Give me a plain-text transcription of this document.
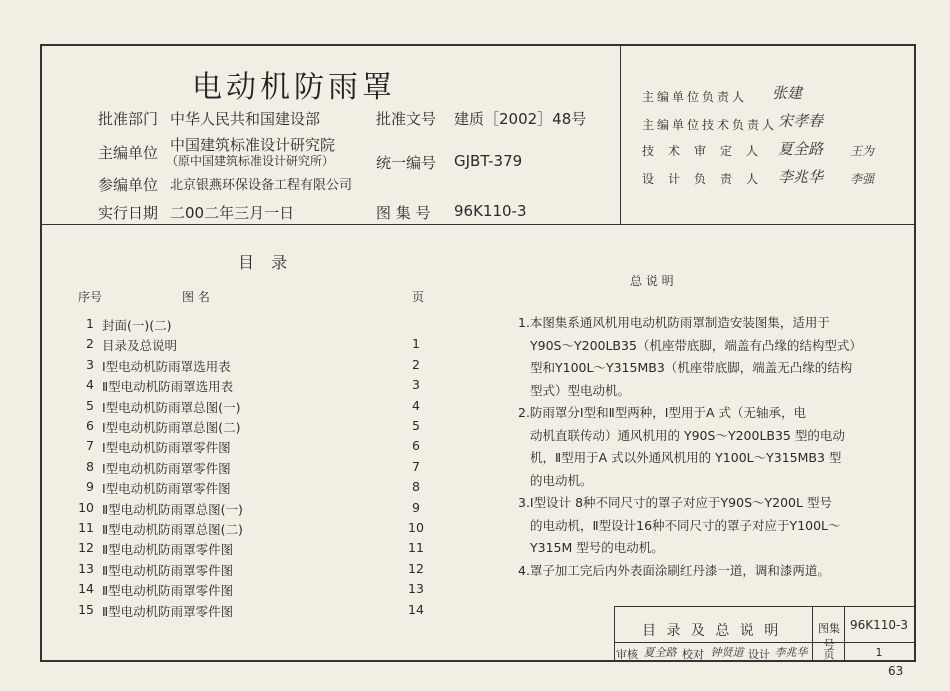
电动机防雨罩
批准部门 中华人民共和国建设部	批准文号 建质［2002］48号
主编单位 中国建筑标准设计研究院
（原中国建筑标准设计研究所）	统一编号 GJBT-379
参编单位 北京银燕环保设备工程有限公司
实行日期 二00二年三月一日	图 集 号 96K110-3
主编单位负责人 张建
主编单位技术负责人 宋孝春
技术审定人 夏全路 王为
设计负责人 李兆华 李强
目 录
序号	图 名	页
1 封面(一)(二)
2 目录及总说明	1
3 Ⅰ型电动机防雨罩选用表	2
4 Ⅱ型电动机防雨罩选用表	3
5 Ⅰ型电动机防雨罩总图(一)	4
6 Ⅰ型电动机防雨罩总图(二)	5
7 Ⅰ型电动机防雨罩零件图	6
8 Ⅰ型电动机防雨罩零件图	7
9 Ⅰ型电动机防雨罩零件图	8
10 Ⅱ型电动机防雨罩总图(一)	9
11 Ⅱ型电动机防雨罩总图(二)	10
12 Ⅱ型电动机防雨罩零件图	11
13 Ⅱ型电动机防雨罩零件图	12
14 Ⅱ型电动机防雨罩零件图	13
15 Ⅱ型电动机防雨罩零件图	14
总 说 明
1.本图集系通风机用电动机防雨罩制造安装图集，适用于
Y90S～Y200LB35（机座带底脚，端盖有凸缘的结构型式）
型和Y100L～Y315MB3（机座带底脚，端盖无凸缘的结构
型式）型电动机。
2.防雨罩分Ⅰ型和Ⅱ型两种，Ⅰ型用于A 式（无轴承，电
动机直联传动）通风机用的 Y90S～Y200LB35 型的电动
机，Ⅱ型用于A 式以外通风机用的 Y100L～Y315MB3 型
的电动机。
3.Ⅰ型设计 8种不同尺寸的罩子对应于Y90S～Y200L 型号
的电动机，Ⅱ型设计16种不同尺寸的罩子对应于Y100L～
Y315M 型号的电动机。
4.罩子加工完后内外表面涂刷红丹漆一道，调和漆两道。
目 录 及 总 说 明	图集号
96K110-3
审核 夏全路 校对 钟贤道 设计 李兆华	页	1
63
